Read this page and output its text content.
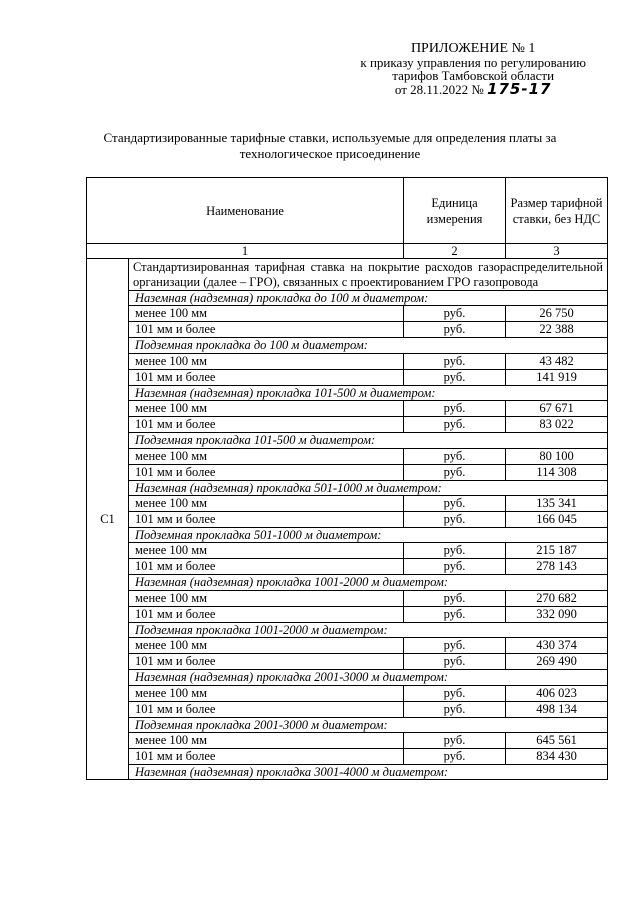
ПРИЛОЖЕНИЕ № 1
к приказу управления по регулированию
тарифов Тамбовской области
от 28.11.2022 № 175-17
Стандартизированные тарифные ставки, используемые для определения платы за
технологическое присоединение
Наименование		Единица измерения	Размер тарифной ставки, без НДС
1		2	3
С1	Стандартизированная тарифная ставка на покрытие расходов газораспределительной организации (далее – ГРО), связанных с проектированием ГРО газопровода		
	Наземная (надземная) прокладка до 100 м диаметром:		
	менее 100 мм	руб.	26 750
	101 мм и более	руб.	22 388
	Подземная прокладка до 100 м диаметром:		
	менее 100 мм	руб.	43 482
	101 мм и более	руб.	141 919
	Наземная (надземная) прокладка 101-500 м диаметром:		
	менее 100 мм	руб.	67 671
	101 мм и более	руб.	83 022
	Подземная прокладка 101-500 м диаметром:		
	менее 100 мм	руб.	80 100
	101 мм и более	руб.	114 308
	Наземная (надземная) прокладка 501-1000 м диаметром:		
	менее 100 мм	руб.	135 341
	101 мм и более	руб.	166 045
	Подземная прокладка 501-1000 м диаметром:		
	менее 100 мм	руб.	215 187
	101 мм и более	руб.	278 143
	Наземная (надземная) прокладка 1001-2000 м диаметром:		
	менее 100 мм	руб.	270 682
	101 мм и более	руб.	332 090
	Подземная прокладка 1001-2000 м диаметром:		
	менее 100 мм	руб.	430 374
	101 мм и более	руб.	269 490
	Наземная (надземная) прокладка 2001-3000 м диаметром:		
	менее 100 мм	руб.	406 023
	101 мм и более	руб.	498 134
	Подземная прокладка 2001-3000 м диаметром:		
	менее 100 мм	руб.	645 561
	101 мм и более	руб.	834 430
	Наземная (надземная) прокладка 3001-4000 м диаметром:		
